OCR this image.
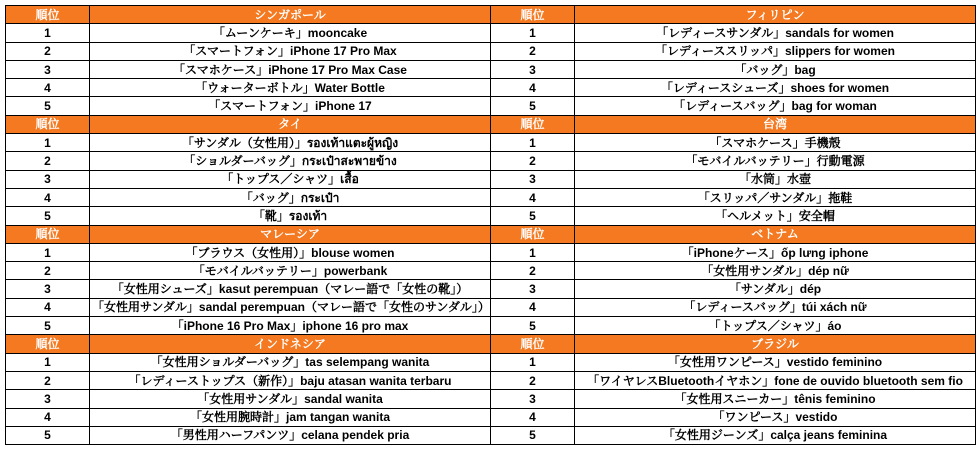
順位	シンガポール	順位	フィリピン
1	「ムーンケーキ」mooncake	1	「レディースサンダル」sandals for women
2	「スマートフォン」iPhone 17 Pro Max	2	「レディーススリッパ」slippers for women
3	「スマホケース」iPhone 17 Pro Max Case	3	「バッグ」bag
4	「ウォーターボトル」Water Bottle	4	「レディースシューズ」shoes for women
5	「スマートフォン」iPhone 17	5	「レディースバッグ」bag for woman
順位	タイ	順位	台湾
1	「サンダル（女性用）」รองเท้าแตะผู้หญิง	1	「スマホケース」手機殼
2	「ショルダーバッグ」กระเป๋าสะพายข้าง	2	「モバイルバッテリー」行動電源
3	「トップス／シャツ」เสื้อ	3	「水筒」水壺
4	「バッグ」กระเป๋า	4	「スリッパ／サンダル」拖鞋
5	「靴」รองเท้า	5	「ヘルメット」安全帽
順位	マレーシア	順位	ベトナム
1	「ブラウス（女性用）」blouse women	1	「iPhoneケース」ốp lưng iphone
2	「モバイルバッテリー」powerbank	2	「女性用サンダル」dép nữ
3	「女性用シューズ」kasut perempuan（マレー語で「女性の靴」）	3	「サンダル」dép
4	「女性用サンダル」sandal perempuan（マレー語で「女性のサンダル」）	4	「レディースバッグ」túi xách nữ
5	「iPhone 16 Pro Max」iphone 16 pro max	5	「トップス／シャツ」áo
順位	インドネシア	順位	ブラジル
1	「女性用ショルダーバッグ」tas selempang wanita	1	「女性用ワンピース」vestido feminino
2	「レディーストップス（新作）」baju atasan wanita terbaru	2	「ワイヤレスBluetoothイヤホン」fone de ouvido bluetooth sem fio
3	「女性用サンダル」sandal wanita	3	「女性用スニーカー」tênis feminino
4	「女性用腕時計」jam tangan wanita	4	「ワンピース」vestido
5	「男性用ハーフパンツ」celana pendek pria	5	「女性用ジーンズ」calça jeans feminina
